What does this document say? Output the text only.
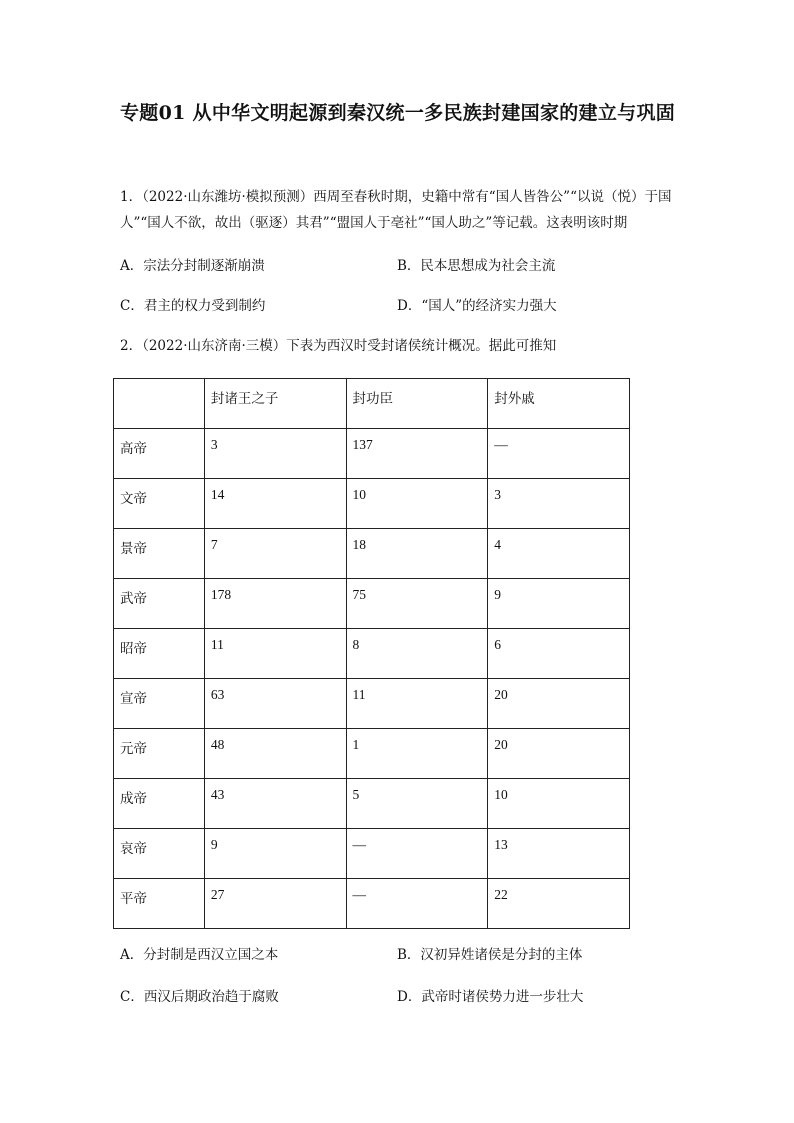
专题01 从中华文明起源到秦汉统一多民族封建国家的建立与巩固
1．（2022·山东潍坊·模拟预测）西周至春秋时期，史籍中常有“国人皆咎公”“以说（悦）于国人”“国人不欲，故出（驱逐）其君”“盟国人于亳社”“国人助之”等记载。这表明该时期
A．宗法分封制逐渐崩溃	B．民本思想成为社会主流
C．君主的权力受到制约	D．“国人”的经济实力强大
2．（2022·山东济南·三模）下表为西汉时受封诸侯统计概况。据此可推知
	封诸王之子	封功臣	封外戚
高帝	3	137	—
文帝	14	10	3
景帝	7	18	4
武帝	178	75	9
昭帝	11	8	6
宣帝	63	11	20
元帝	48	1	20
成帝	43	5	10
哀帝	9	—	13
平帝	27	—	22
A．分封制是西汉立国之本	B．汉初异姓诸侯是分封的主体
C．西汉后期政治趋于腐败	D．武帝时诸侯势力进一步壮大
